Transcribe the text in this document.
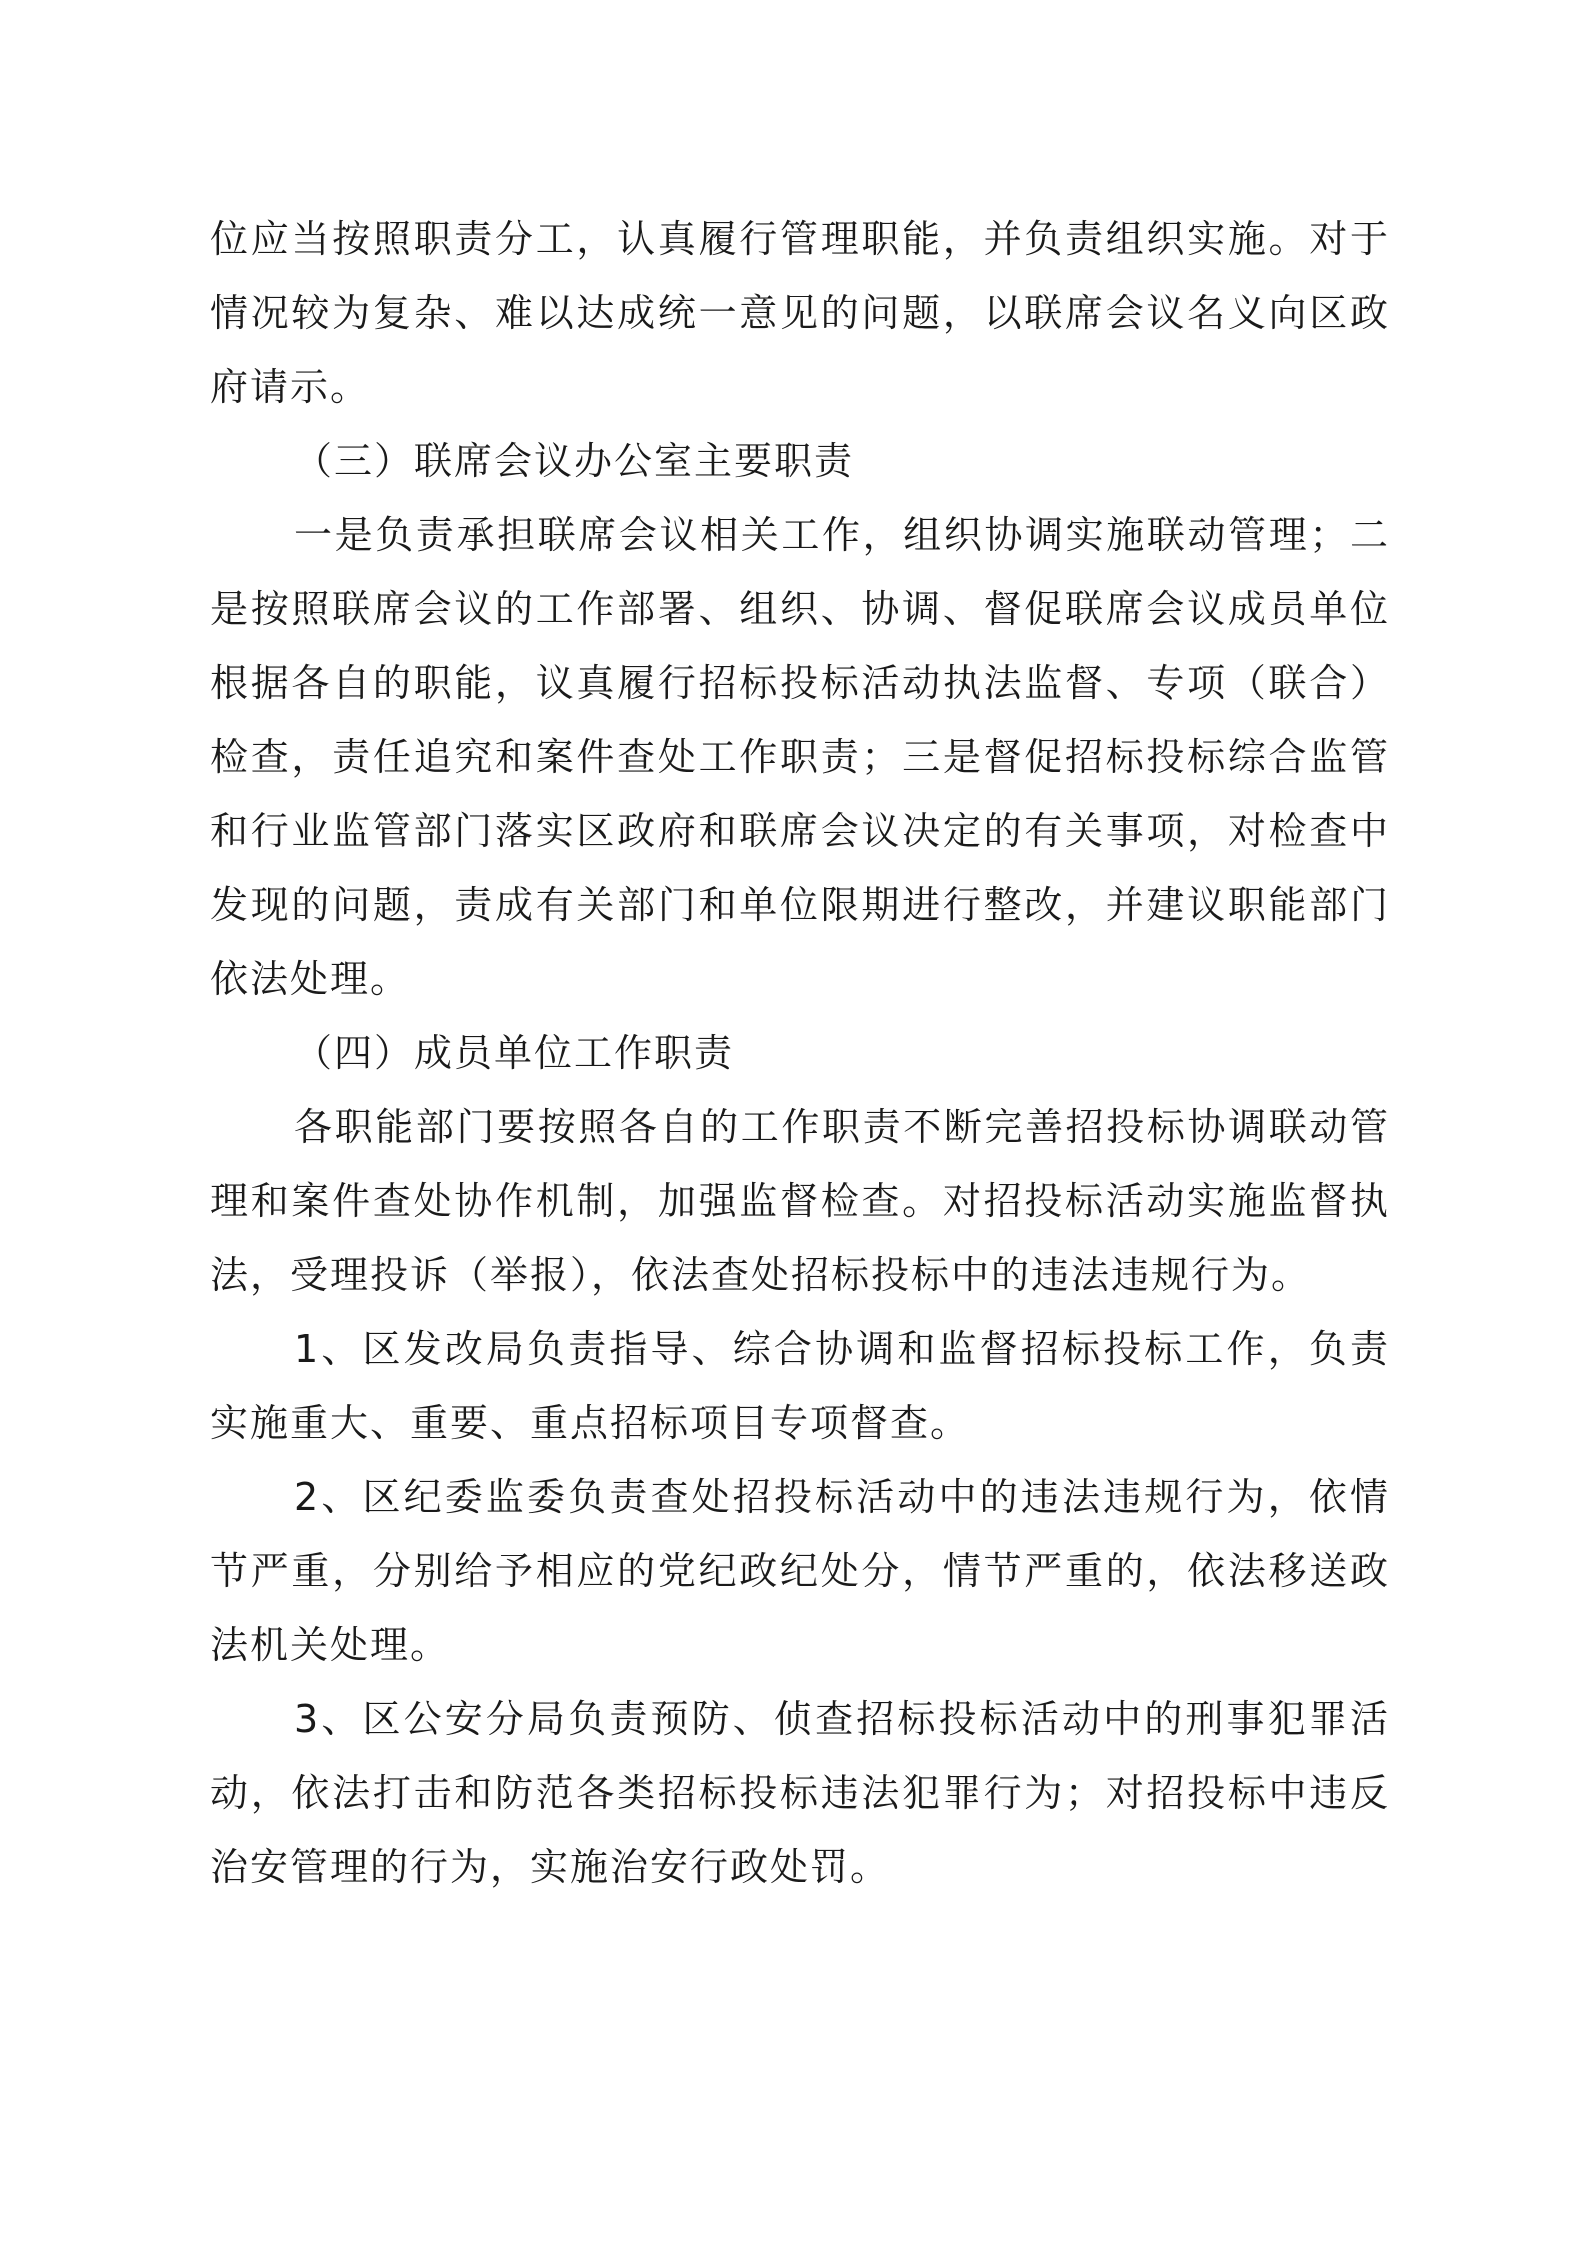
位应当按照职责分工，认真履行管理职能，并负责组织实施。对于情况较为复杂、难以达成统一意见的问题，以联席会议名义向区政府请示。

（三）联席会议办公室主要职责

一是负责承担联席会议相关工作，组织协调实施联动管理；二是按照联席会议的工作部署、组织、协调、督促联席会议成员单位根据各自的职能，议真履行招标投标活动执法监督、专项（联合）检查，责任追究和案件查处工作职责；三是督促招标投标综合监管和行业监管部门落实区政府和联席会议决定的有关事项，对检查中发现的问题，责成有关部门和单位限期进行整改，并建议职能部门依法处理。

（四）成员单位工作职责

各职能部门要按照各自的工作职责不断完善招投标协调联动管理和案件查处协作机制，加强监督检查。对招投标活动实施监督执法，受理投诉（举报），依法查处招标投标中的违法违规行为。

1、区发改局负责指导、综合协调和监督招标投标工作，负责实施重大、重要、重点招标项目专项督查。

2、区纪委监委负责查处招投标活动中的违法违规行为，依情节严重，分别给予相应的党纪政纪处分，情节严重的，依法移送政法机关处理。

3、区公安分局负责预防、侦查招标投标活动中的刑事犯罪活动，依法打击和防范各类招标投标违法犯罪行为；对招投标中违反治安管理的行为，实施治安行政处罚。
